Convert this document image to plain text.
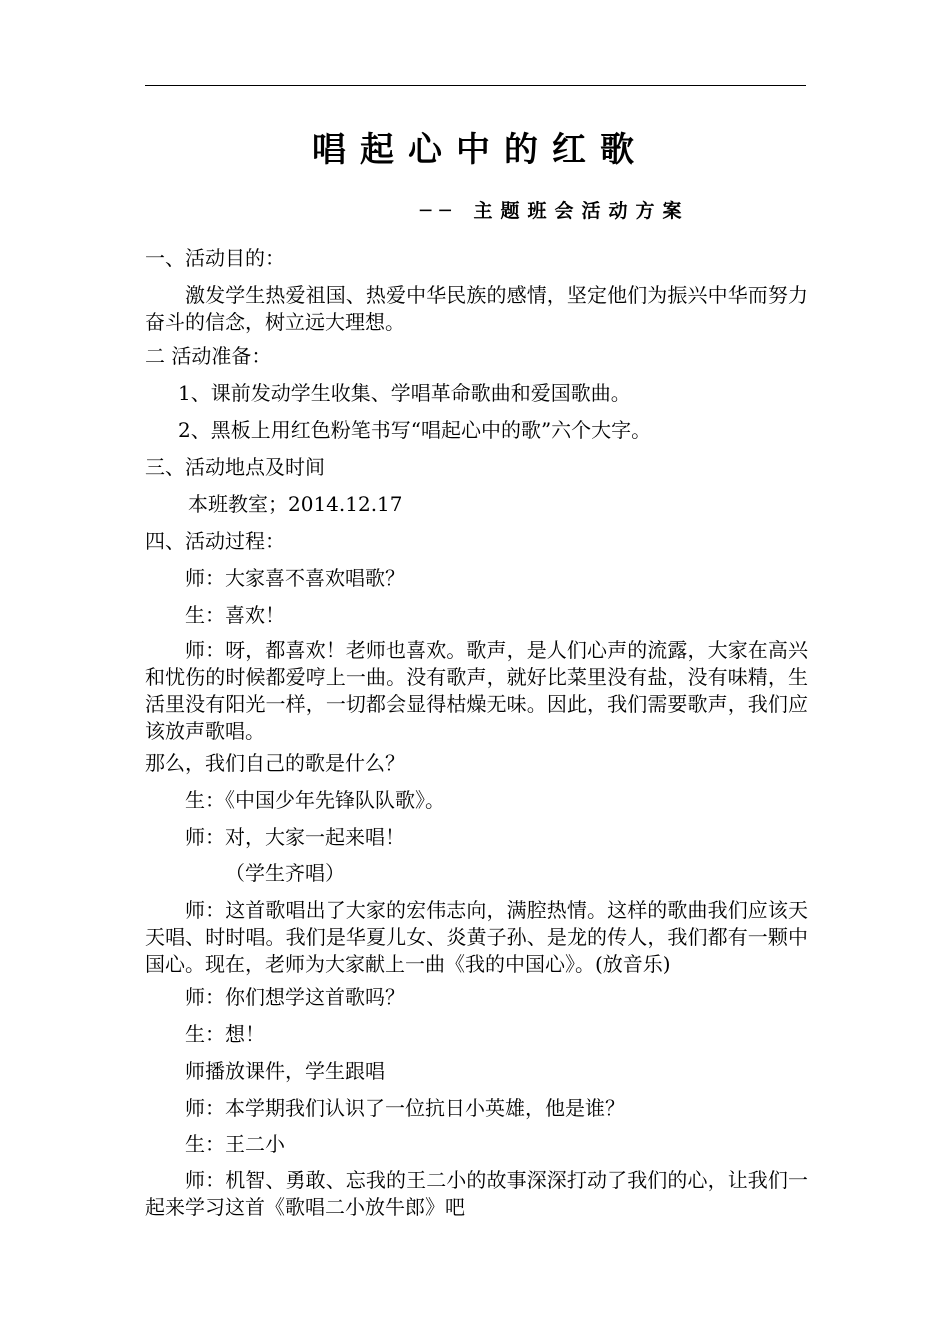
唱起心中的红歌
── 主题班会活动方案
一、活动目的：
激发学生热爱祖国、热爱中华民族的感情，坚定他们为振兴中华而努力奋斗的信念，树立远大理想。
二 活动准备：
1、课前发动学生收集、学唱革命歌曲和爱国歌曲。
2、黑板上用红色粉笔书写“唱起心中的歌”六个大字。
三、活动地点及时间
本班教室；2014.12.17
四、活动过程：
师：大家喜不喜欢唱歌？
生：喜欢！
师：呀，都喜欢！老师也喜欢。歌声，是人们心声的流露，大家在高兴和忧伤的时候都爱哼上一曲。没有歌声，就好比菜里没有盐，没有味精，生活里没有阳光一样，一切都会显得枯燥无味。因此，我们需要歌声，我们应该放声歌唱。
那么，我们自己的歌是什么？
生：《中国少年先锋队队歌》。
师：对，大家一起来唱！
（学生齐唱）
师：这首歌唱出了大家的宏伟志向，满腔热情。这样的歌曲我们应该天天唱、时时唱。我们是华夏儿女、炎黄子孙、是龙的传人，我们都有一颗中国心。现在，老师为大家献上一曲《我的中国心》。(放音乐)
师：你们想学这首歌吗？
生：想！
师播放课件，学生跟唱
师：本学期我们认识了一位抗日小英雄，他是谁？
生：王二小
师：机智、勇敢、忘我的王二小的故事深深打动了我们的心，让我们一起来学习这首《歌唱二小放牛郎》吧
